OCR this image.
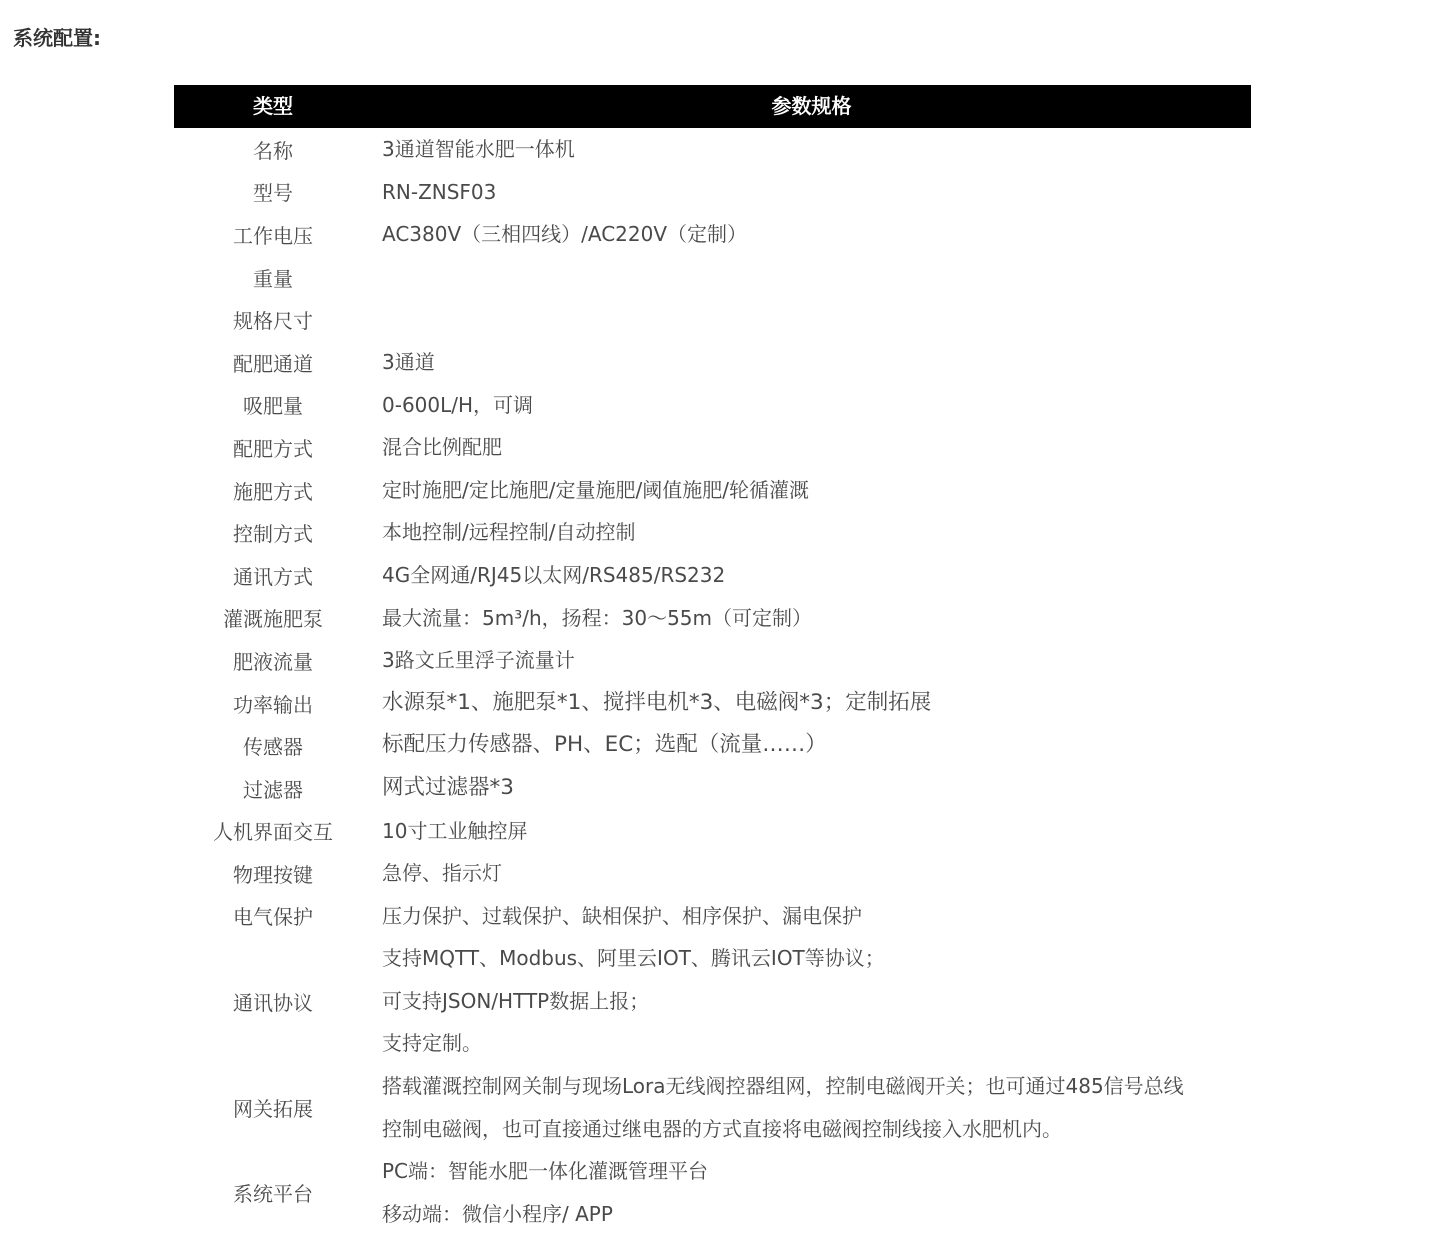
系统配置:
类型	参数规格
名称	3通道智能水肥一体机

型号	RN-ZNSF03

工作电压	AC380V（三相四线）/AC220V（定制）

重量	

规格尺寸	

配肥通道	3通道

吸肥量	0-600L/H，可调

配肥方式	混合比例配肥

施肥方式	定时施肥/定比施肥/定量施肥/阈值施肥/轮循灌溉

控制方式	本地控制/远程控制/自动控制

通讯方式	4G全网通/RJ45以太网/RS485/RS232

灌溉施肥泵	最大流量：5m³/h，扬程：30～55m（可定制）

肥液流量	3路文丘里浮子流量计

功率输出	水源泵*1、施肥泵*1、搅拌电机*3、电磁阀*3；定制拓展

传感器	标配压力传感器、PH、EC；选配（流量……）

过滤器	网式过滤器*3

人机界面交互	10寸工业触控屏

物理按键	急停、指示灯

电气保护	压力保护、过载保护、缺相保护、相序保护、漏电保护

通讯协议	支持MQTT、Modbus、阿里云IOT、腾讯云IOT等协议；
可支持JSON/HTTP数据上报；
支持定制。

网关拓展	搭载灌溉控制网关制与现场Lora无线阀控器组网，控制电磁阀开关；也可通过485信号总线
控制电磁阀，也可直接通过继电器的方式直接将电磁阀控制线接入水肥机内。

系统平台	PC端：智能水肥一体化灌溉管理平台
移动端：微信小程序/ APP
